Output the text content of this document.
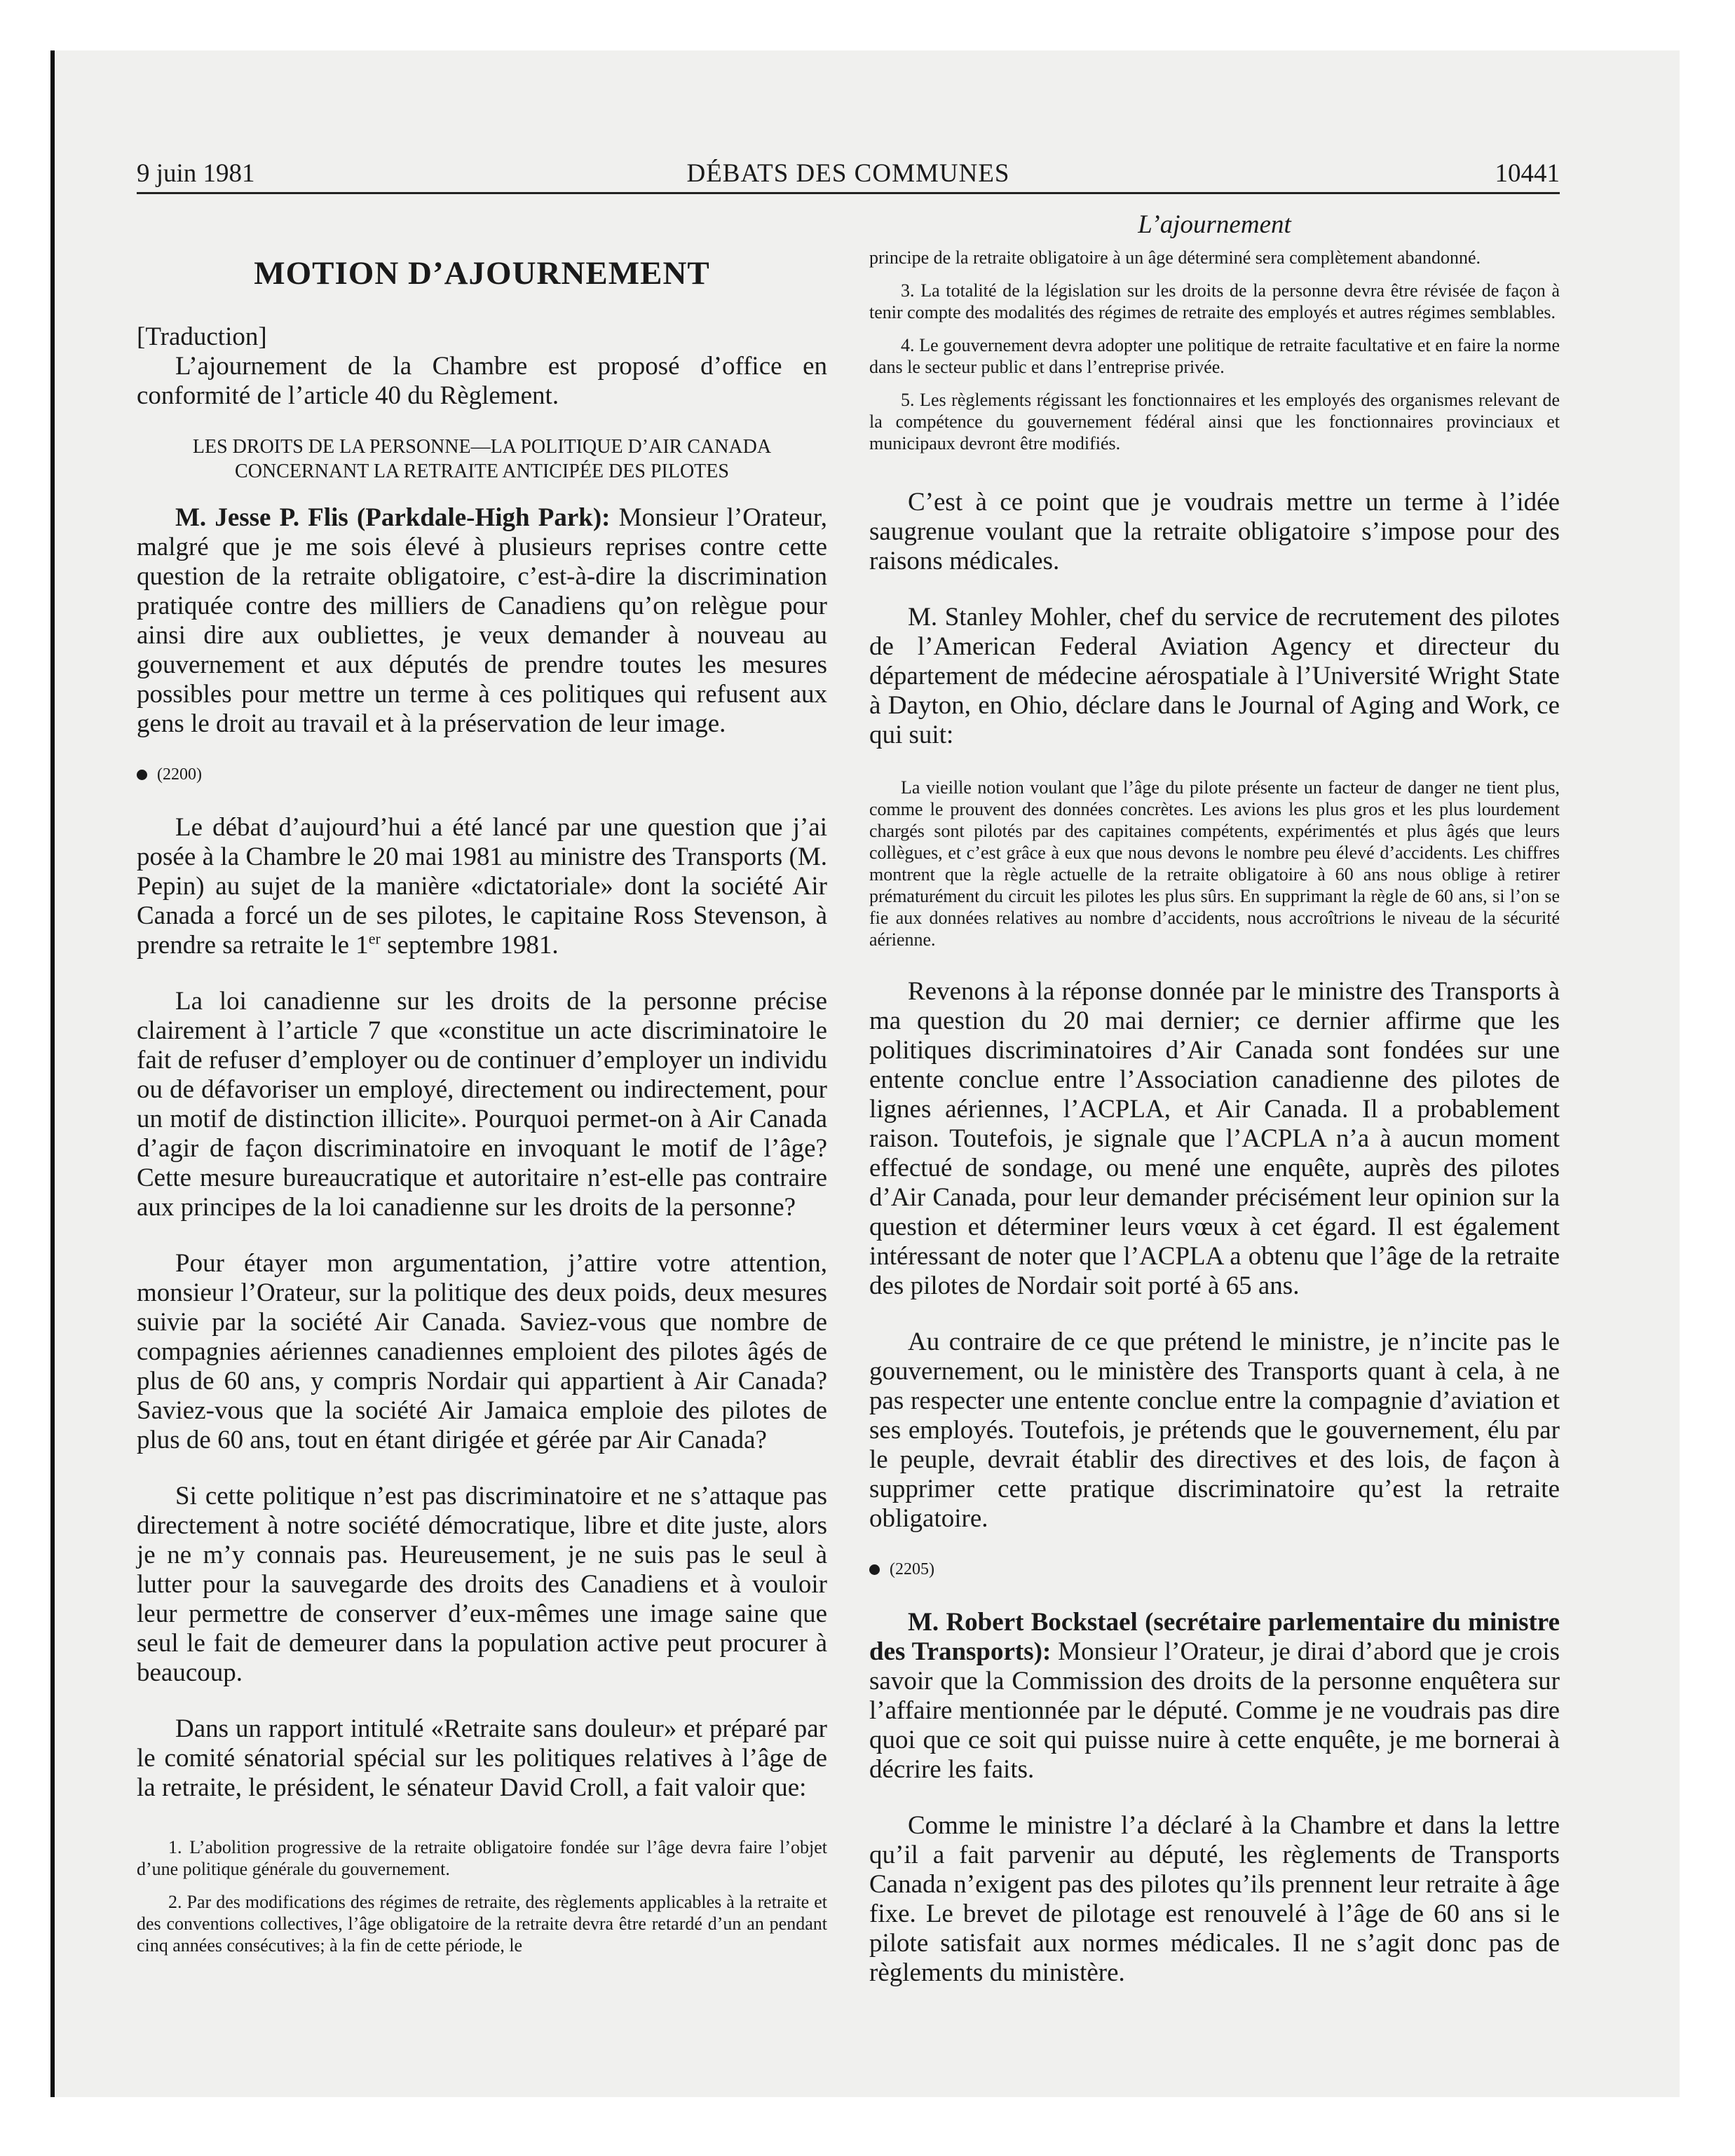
9 juin 1981	DÉBATS DES COMMUNES	10441
MOTION D’AJOURNEMENT
[Traduction]

L’ajournement de la Chambre est proposé d’office en conformité de l’article 40 du Règlement.

LES DROITS DE LA PERSONNE—LA POLITIQUE D’AIR CANADA
CONCERNANT LA RETRAITE ANTICIPÉE DES PILOTES

M. Jesse P. Flis (Parkdale-High Park): Monsieur l’Orateur, malgré que je me sois élevé à plusieurs reprises contre cette question de la retraite obligatoire, c’est-à-dire la discrimination pratiquée contre des milliers de Canadiens qu’on relègue pour ainsi dire aux oubliettes, je veux demander à nouveau au gouvernement et aux députés de prendre toutes les mesures possibles pour mettre un terme à ces politiques qui refusent aux gens le droit au travail et à la préservation de leur image.

(2200)

Le débat d’aujourd’hui a été lancé par une question que j’ai posée à la Chambre le 20 mai 1981 au ministre des Transports (M. Pepin) au sujet de la manière «dictatoriale» dont la société Air Canada a forcé un de ses pilotes, le capitaine Ross Stevenson, à prendre sa retraite le 1er septembre 1981.

La loi canadienne sur les droits de la personne précise clairement à l’article 7 que «constitue un acte discriminatoire le fait de refuser d’employer ou de continuer d’employer un individu ou de défavoriser un employé, directement ou indirectement, pour un motif de distinction illicite». Pourquoi permet-on à Air Canada d’agir de façon discriminatoire en invoquant le motif de l’âge? Cette mesure bureaucratique et autoritaire n’est-elle pas contraire aux principes de la loi canadienne sur les droits de la personne?

Pour étayer mon argumentation, j’attire votre attention, monsieur l’Orateur, sur la politique des deux poids, deux mesures suivie par la société Air Canada. Saviez-vous que nombre de compagnies aériennes canadiennes emploient des pilotes âgés de plus de 60 ans, y compris Nordair qui appartient à Air Canada? Saviez-vous que la société Air Jamaica emploie des pilotes de plus de 60 ans, tout en étant dirigée et gérée par Air Canada?

Si cette politique n’est pas discriminatoire et ne s’attaque pas directement à notre société démocratique, libre et dite juste, alors je ne m’y connais pas. Heureusement, je ne suis pas le seul à lutter pour la sauvegarde des droits des Canadiens et à vouloir leur permettre de conserver d’eux-mêmes une image saine que seul le fait de demeurer dans la population active peut procurer à beaucoup.

Dans un rapport intitulé «Retraite sans douleur» et préparé par le comité sénatorial spécial sur les politiques relatives à l’âge de la retraite, le président, le sénateur David Croll, a fait valoir que:

1. L’abolition progressive de la retraite obligatoire fondée sur l’âge devra faire l’objet d’une politique générale du gouvernement.

2. Par des modifications des régimes de retraite, des règlements applicables à la retraite et des conventions collectives, l’âge obligatoire de la retraite devra être retardé d’un an pendant cinq années consécutives; à la fin de cette période, le

L’ajournement

principe de la retraite obligatoire à un âge déterminé sera complètement abandonné.

3. La totalité de la législation sur les droits de la personne devra être révisée de façon à tenir compte des modalités des régimes de retraite des employés et autres régimes semblables.

4. Le gouvernement devra adopter une politique de retraite facultative et en faire la norme dans le secteur public et dans l’entreprise privée.

5. Les règlements régissant les fonctionnaires et les employés des organismes relevant de la compétence du gouvernement fédéral ainsi que les fonctionnaires provinciaux et municipaux devront être modifiés.

C’est à ce point que je voudrais mettre un terme à l’idée saugrenue voulant que la retraite obligatoire s’impose pour des raisons médicales.

M. Stanley Mohler, chef du service de recrutement des pilotes de l’American Federal Aviation Agency et directeur du département de médecine aérospatiale à l’Université Wright State à Dayton, en Ohio, déclare dans le Journal of Aging and Work, ce qui suit:

La vieille notion voulant que l’âge du pilote présente un facteur de danger ne tient plus, comme le prouvent des données concrètes. Les avions les plus gros et les plus lourdement chargés sont pilotés par des capitaines compétents, expérimentés et plus âgés que leurs collègues, et c’est grâce à eux que nous devons le nombre peu élevé d’accidents. Les chiffres montrent que la règle actuelle de la retraite obligatoire à 60 ans nous oblige à retirer prématurément du circuit les pilotes les plus sûrs. En supprimant la règle de 60 ans, si l’on se fie aux données relatives au nombre d’accidents, nous accroîtrions le niveau de la sécurité aérienne.

Revenons à la réponse donnée par le ministre des Transports à ma question du 20 mai dernier; ce dernier affirme que les politiques discriminatoires d’Air Canada sont fondées sur une entente conclue entre l’Association canadienne des pilotes de lignes aériennes, l’ACPLA, et Air Canada. Il a probablement raison. Toutefois, je signale que l’ACPLA n’a à aucun moment effectué de sondage, ou mené une enquête, auprès des pilotes d’Air Canada, pour leur demander précisément leur opinion sur la question et déterminer leurs vœux à cet égard. Il est également intéressant de noter que l’ACPLA a obtenu que l’âge de la retraite des pilotes de Nordair soit porté à 65 ans.

Au contraire de ce que prétend le ministre, je n’incite pas le gouvernement, ou le ministère des Transports quant à cela, à ne pas respecter une entente conclue entre la compagnie d’aviation et ses employés. Toutefois, je prétends que le gouvernement, élu par le peuple, devrait établir des directives et des lois, de façon à supprimer cette pratique discriminatoire qu’est la retraite obligatoire.

(2205)

M. Robert Bockstael (secrétaire parlementaire du ministre des Transports): Monsieur l’Orateur, je dirai d’abord que je crois savoir que la Commission des droits de la personne enquêtera sur l’affaire mentionnée par le député. Comme je ne voudrais pas dire quoi que ce soit qui puisse nuire à cette enquête, je me bornerai à décrire les faits.

Comme le ministre l’a déclaré à la Chambre et dans la lettre qu’il a fait parvenir au député, les règlements de Transports Canada n’exigent pas des pilotes qu’ils prennent leur retraite à âge fixe. Le brevet de pilotage est renouvelé à l’âge de 60 ans si le pilote satisfait aux normes médicales. Il ne s’agit donc pas de règlements du ministère.
